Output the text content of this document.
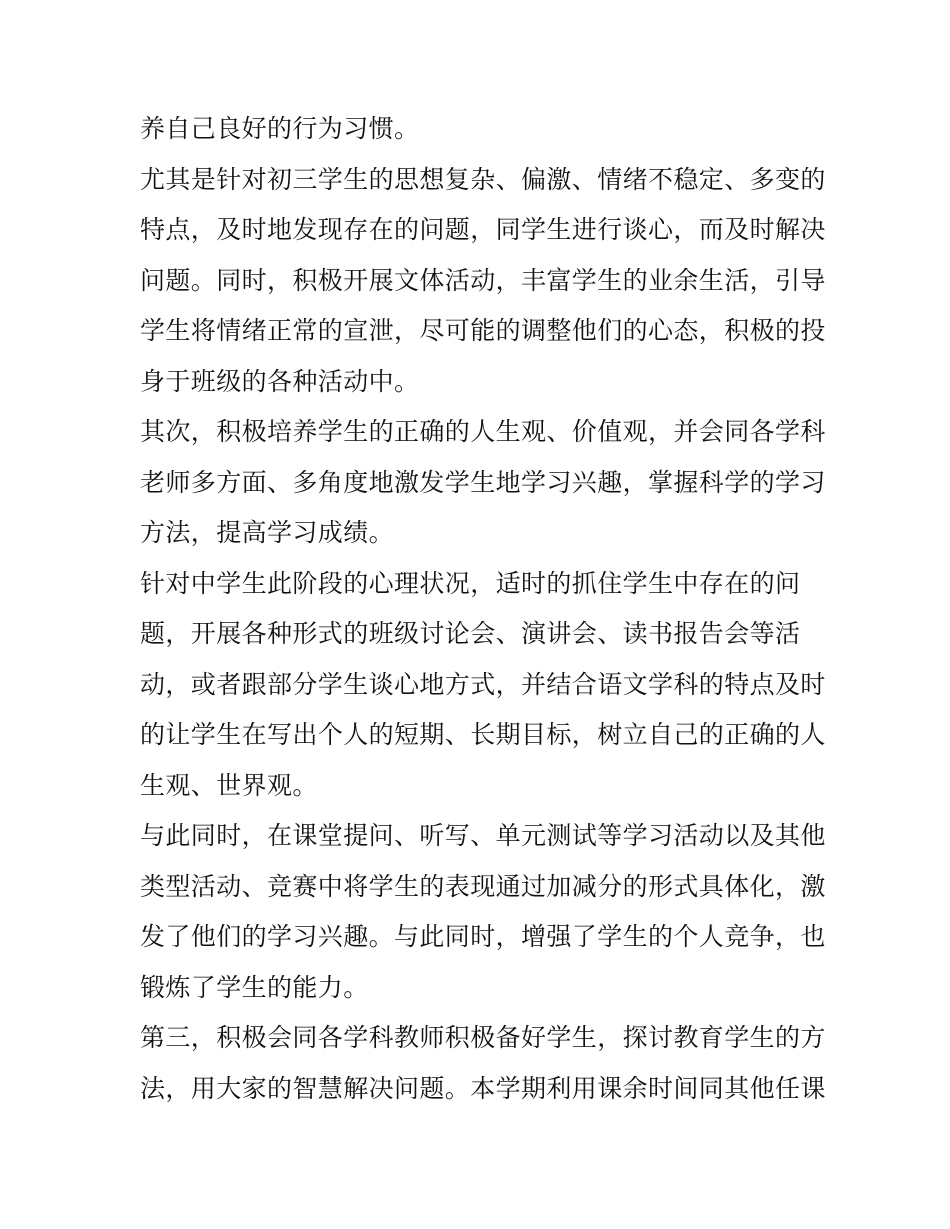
养自己良好的行为习惯。

尤其是针对初三学生的思想复杂、偏激、情绪不稳定、多变的
特点，及时地发现存在的问题，同学生进行谈心，而及时解决
问题。同时，积极开展文体活动，丰富学生的业余生活，引导
学生将情绪正常的宣泄，尽可能的调整他们的心态，积极的投
身于班级的各种活动中。

其次，积极培养学生的正确的人生观、价值观，并会同各学科
老师多方面、多角度地激发学生地学习兴趣，掌握科学的学习
方法，提高学习成绩。

针对中学生此阶段的心理状况，适时的抓住学生中存在的问
题，开展各种形式的班级讨论会、演讲会、读书报告会等活
动，或者跟部分学生谈心地方式，并结合语文学科的特点及时
的让学生在写出个人的短期、长期目标，树立自己的正确的人
生观、世界观。

与此同时，在课堂提问、听写、单元测试等学习活动以及其他
类型活动、竞赛中将学生的表现通过加减分的形式具体化，激
发了他们的学习兴趣。与此同时，增强了学生的个人竞争，也
锻炼了学生的能力。

第三，积极会同各学科教师积极备好学生，探讨教育学生的方
法，用大家的智慧解决问题。本学期利用课余时间同其他任课
